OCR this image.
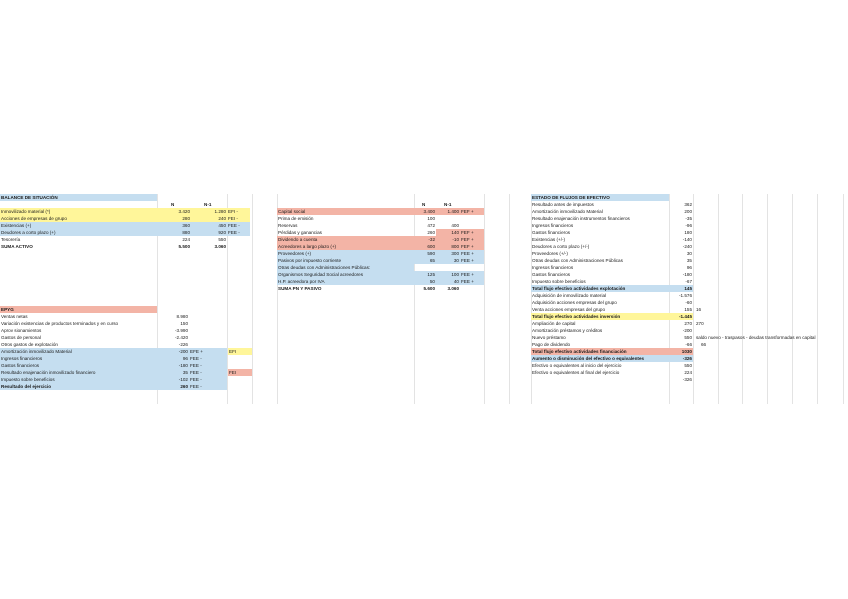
BALANCE DE SITUACIÓN
N	N-1
Inmovilizado material (*)	3.420	1.280 EFI -
Acciones de empresas de grupo	280	240 FEI -
Existencias (+)	360	450 FEE -
Deudores a corto plazo (+)	880	920 FEE -
Tesorería	224	550
SUMA ACTIVO	5.500	3.060
N	N-1
Capital social	3.400	1.400 FEF +
Prima de emisión	100
Reservas	472	400
Pérdidas y ganancias	260	140 FEF +
Dividendo a cuenta	-32	-10 FEF +
Acreedores a largo plazo (+)	600	800 FEF +
Proveedores (+)	590	300 FEE +
Pasivos por impuesto corriente	65	30 FEE +
Otras deudas con Administraciones Públicas:
Organismos Seguridad Social acreedores	125	100 FEE +
H.P. acreedora por IVA	50	40 FEE +
SUMA PN Y PASIVO	5.600	3.060
EPYG
Ventas netas	8.980
Variación existencias de productos terminados y en curso	150
Aprov sionamientos	-3.990
Gastos de personal	-2.420
Otros gastos de explotación	-226
Amortización inmovilizado Material	-200 EFE +	EFI
Ingresos financieros	96 FEE -
Gastos financieros	-180 FEE -
Resultado enajenación inmovilizado financiero	35 FEE -	FEI
Impuesto sobre beneficios	-102 FEE -
Resultado del ejercicio	260 FEE -
ESTADO DE FLUJOS DE EFECTIVO
Resultado antes de impuestos	362
Amortización inmovilizado Material	200
Resultado enajenación instrumentos financieros	-35
Ingresos financieros	-96
Gastos financieros	180
Existencias (+/-)	-140
Deudores a corto plazo (+/-)	-240
Proveedores (+/-)	30
Otras deudas con Administraciones Públicas	35
Ingresos financieros	96
Gastos financieros	-180
Impuesto sobre beneficios	-67
Total flujo efectivo actividades explotación	145
Adquisición de inmovilizado material	-1.576
Adquisición acciones empresas del grupo	-60
Venta acciones empresas del grupo	155 16
Total flujo efectivo actividades inversión	-1.445
Ampliación de capital	270 270
Amortización préstamos y créditos	-200
Nuevo préstamo	550 saldo nuevo - traspasos - deudas transformadas en capital
Pago de dividendo	-66 66
Total flujo efectivo actividades financiación	1030
Aumento o disminución del efectivo o equivalentes	-326
Efectivo o equivalentes al inicio del ejercicio	550
Efectivo o equivalentes al final del ejercicio	224
-326
